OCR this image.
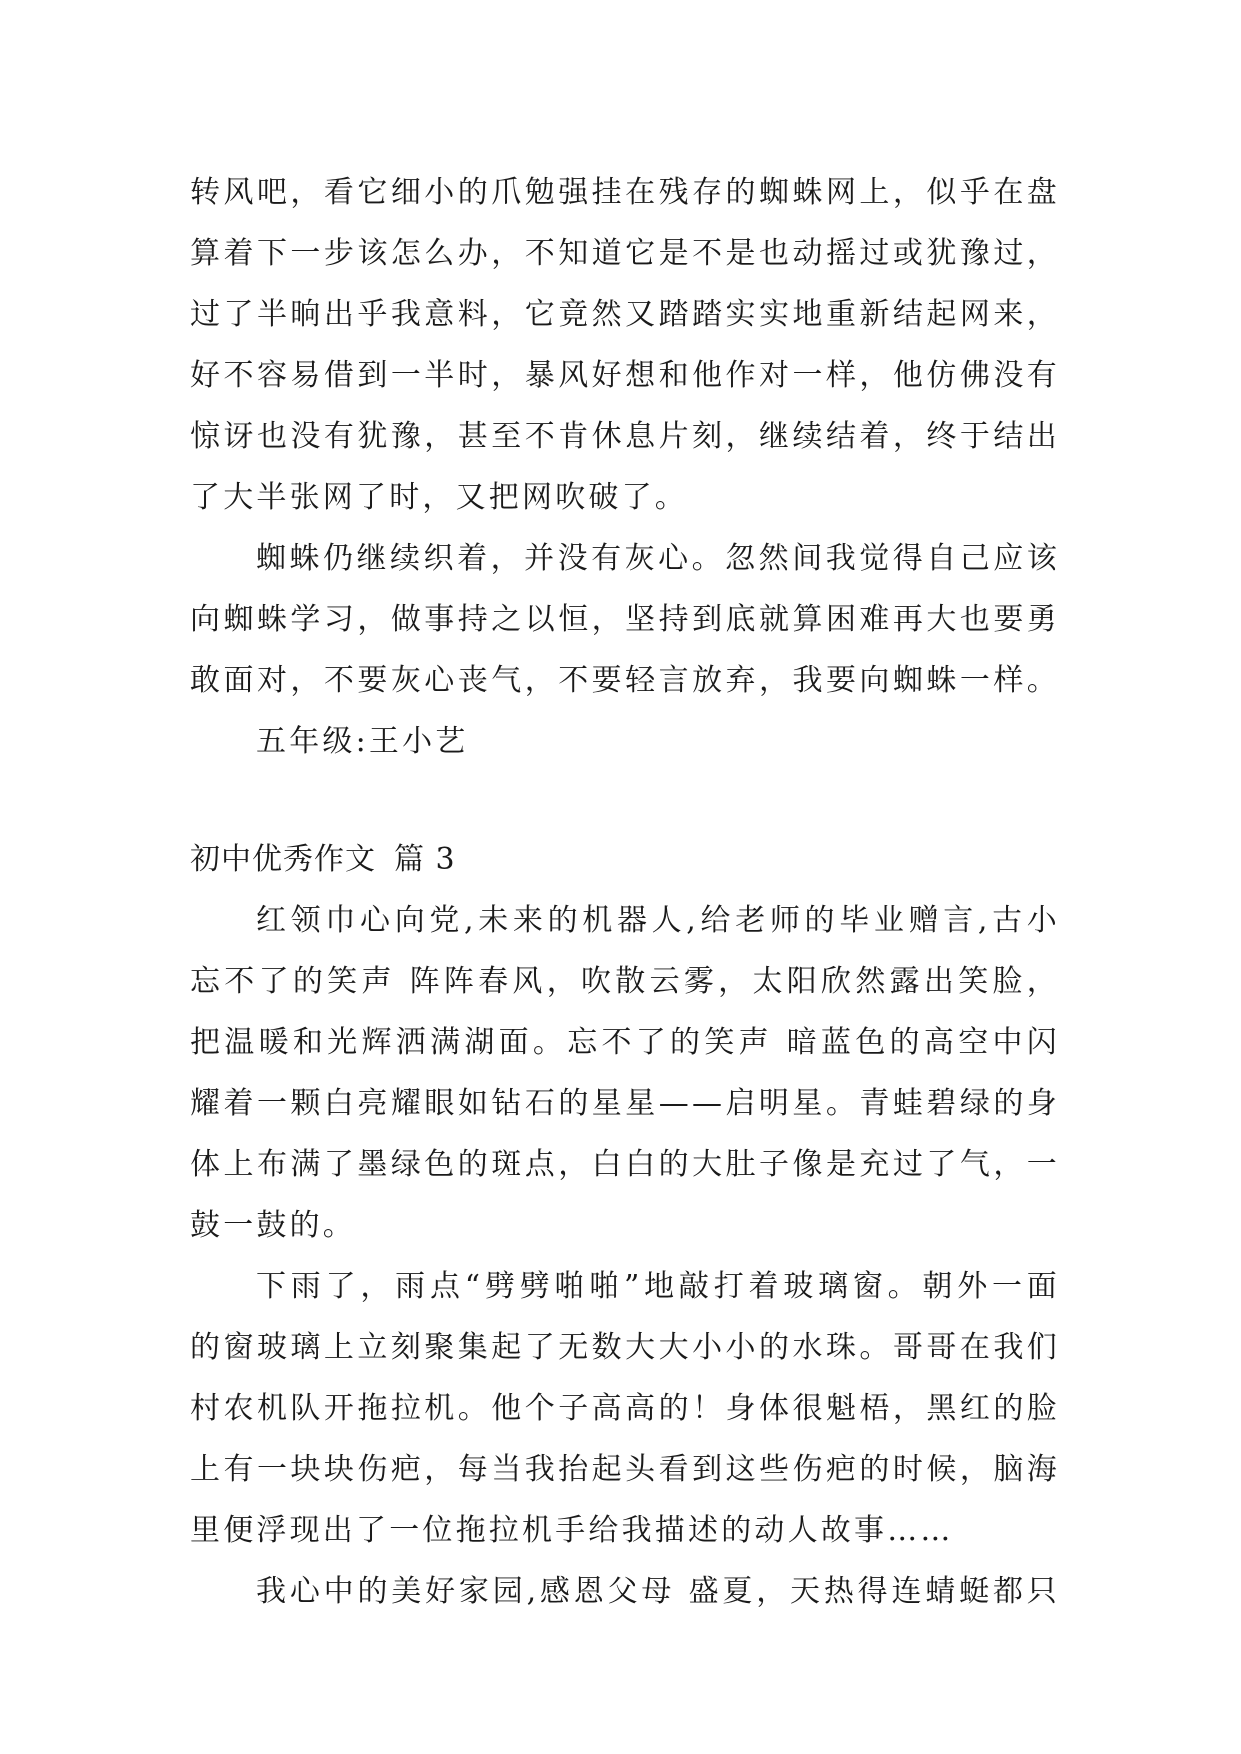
转风吧，看它细小的爪勉强挂在残存的蜘蛛网上，似乎在盘
算着下一步该怎么办，不知道它是不是也动摇过或犹豫过，
过了半晌出乎我意料，它竟然又踏踏实实地重新结起网来，
好不容易借到一半时，暴风好想和他作对一样，他仿佛没有
惊讶也没有犹豫，甚至不肯休息片刻，继续结着，终于结出
了大半张网了时，又把网吹破了。
蜘蛛仍继续织着，并没有灰心。忽然间我觉得自己应该
向蜘蛛学习，做事持之以恒，坚持到底就算困难再大也要勇
敢面对，不要灰心丧气，不要轻言放弃，我要向蜘蛛一样。
五年级:王小艺
初中优秀作文 篇 3
红领巾心向党,未来的机器人,给老师的毕业赠言,古小
忘不了的笑声 阵阵春风，吹散云雾，太阳欣然露出笑脸，
把温暖和光辉洒满湖面。忘不了的笑声 暗蓝色的高空中闪
耀着一颗白亮耀眼如钻石的星星——启明星。青蛙碧绿的身
体上布满了墨绿色的斑点，白白的大肚子像是充过了气，一
鼓一鼓的。
下雨了，雨点“劈劈啪啪”地敲打着玻璃窗。朝外一面
的窗玻璃上立刻聚集起了无数大大小小的水珠。哥哥在我们
村农机队开拖拉机。他个子高高的！身体很魁梧，黑红的脸
上有一块块伤疤，每当我抬起头看到这些伤疤的时候，脑海
里便浮现出了一位拖拉机手给我描述的动人故事……
我心中的美好家园,感恩父母 盛夏，天热得连蜻蜓都只
